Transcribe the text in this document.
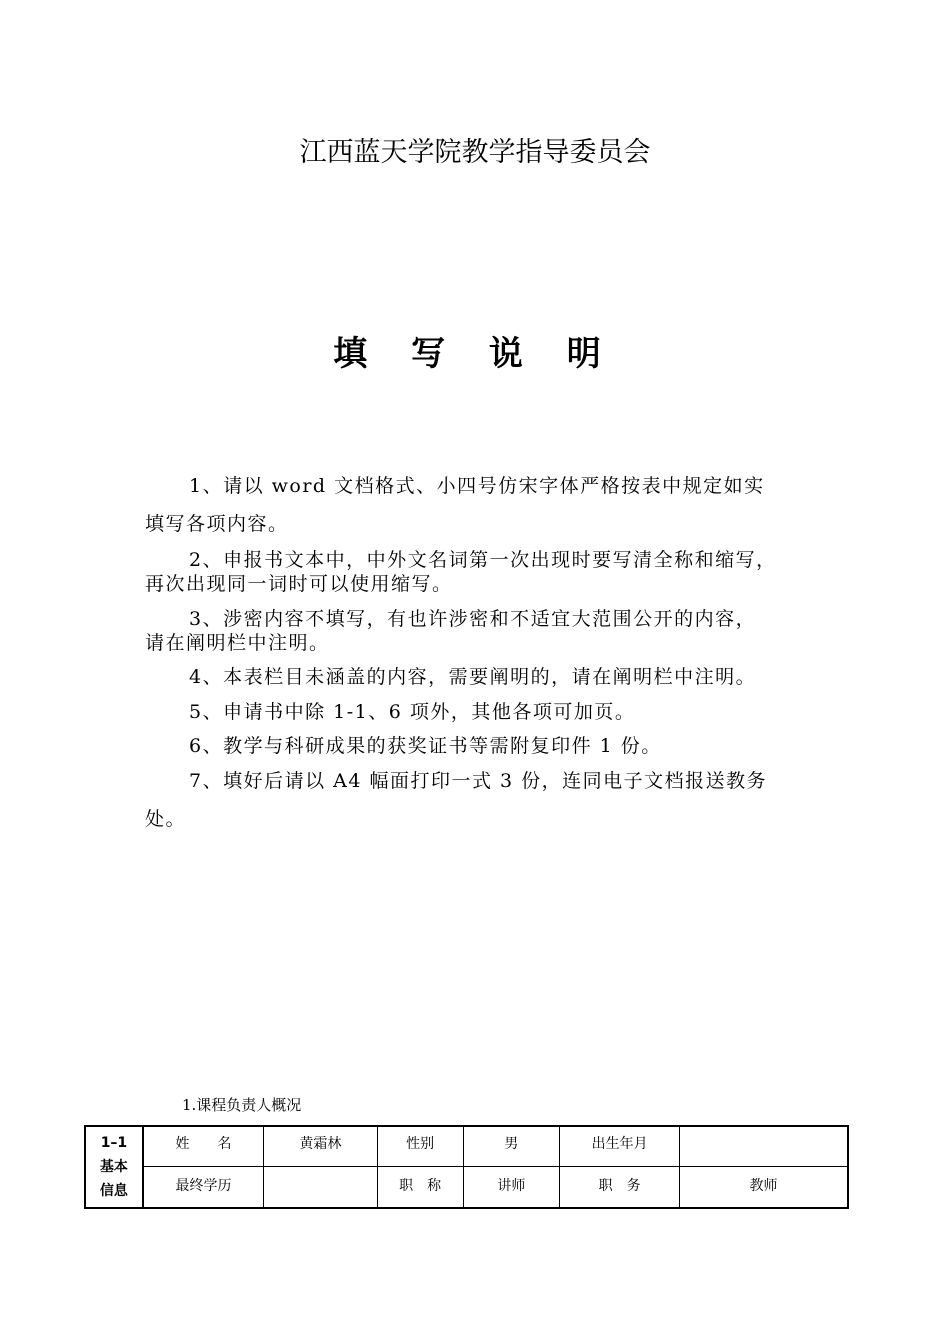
江西蓝天学院教学指导委员会
填 写 说 明
1、请以 word 文档格式、小四号仿宋字体严格按表中规定如实
填写各项内容。
2、申报书文本中，中外文名词第一次出现时要写清全称和缩写，
再次出现同一词时可以使用缩写。
3、涉密内容不填写，有也许涉密和不适宜大范围公开的内容，
请在阐明栏中注明。
4、本表栏目未涵盖的内容，需要阐明的，请在阐明栏中注明。
5、申请书中除 1-1、6 项外，其他各项可加页。
6、教学与科研成果的获奖证书等需附复印件 1 份。
7、填好后请以 A4 幅面打印一式 3 份，连同电子文档报送教务
处。
1.课程负责人概况
1–1
基本
信息	姓　　名	黄霜林	性别	男	出生年月	
	最终学历		职　称	讲师	职　务	教师
